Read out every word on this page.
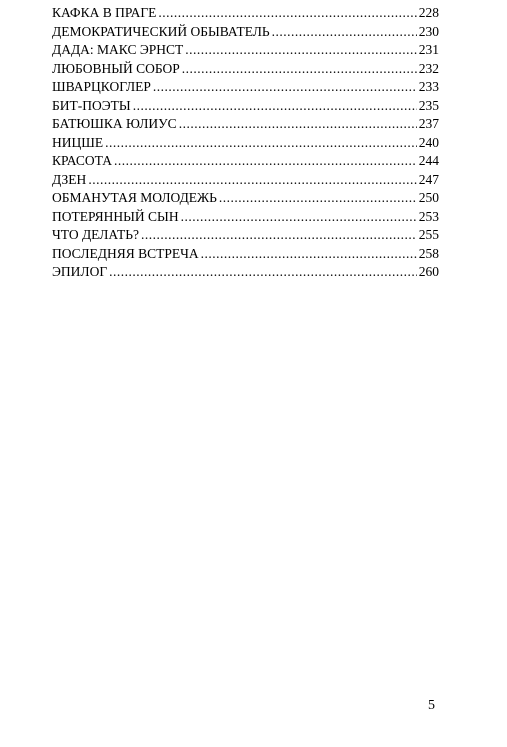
КАФКА В ПРАГЕ .....	228
ДЕМОКРАТИЧЕСКИЙ ОБЫВАТЕЛЬ .....	230
ДАДА: МАКС ЭРНСТ .....	231
ЛЮБОВНЫЙ СОБОР .....	232
ШВАРЦКОГЛЕР .....	233
БИТ-ПОЭТЫ .....	235
БАТЮШКА ЮЛИУС .....	237
НИЦШЕ .....	240
КРАСОТА .....	244
ДЗЕН .....	247
ОБМАНУТАЯ МОЛОДЕЖЬ .....	250
ПОТЕРЯННЫЙ СЫН .....	253
ЧТО ДЕЛАТЬ? .....	255
ПОСЛЕДНЯЯ ВСТРЕЧА .....	258
ЭПИЛОГ .....	260
5
